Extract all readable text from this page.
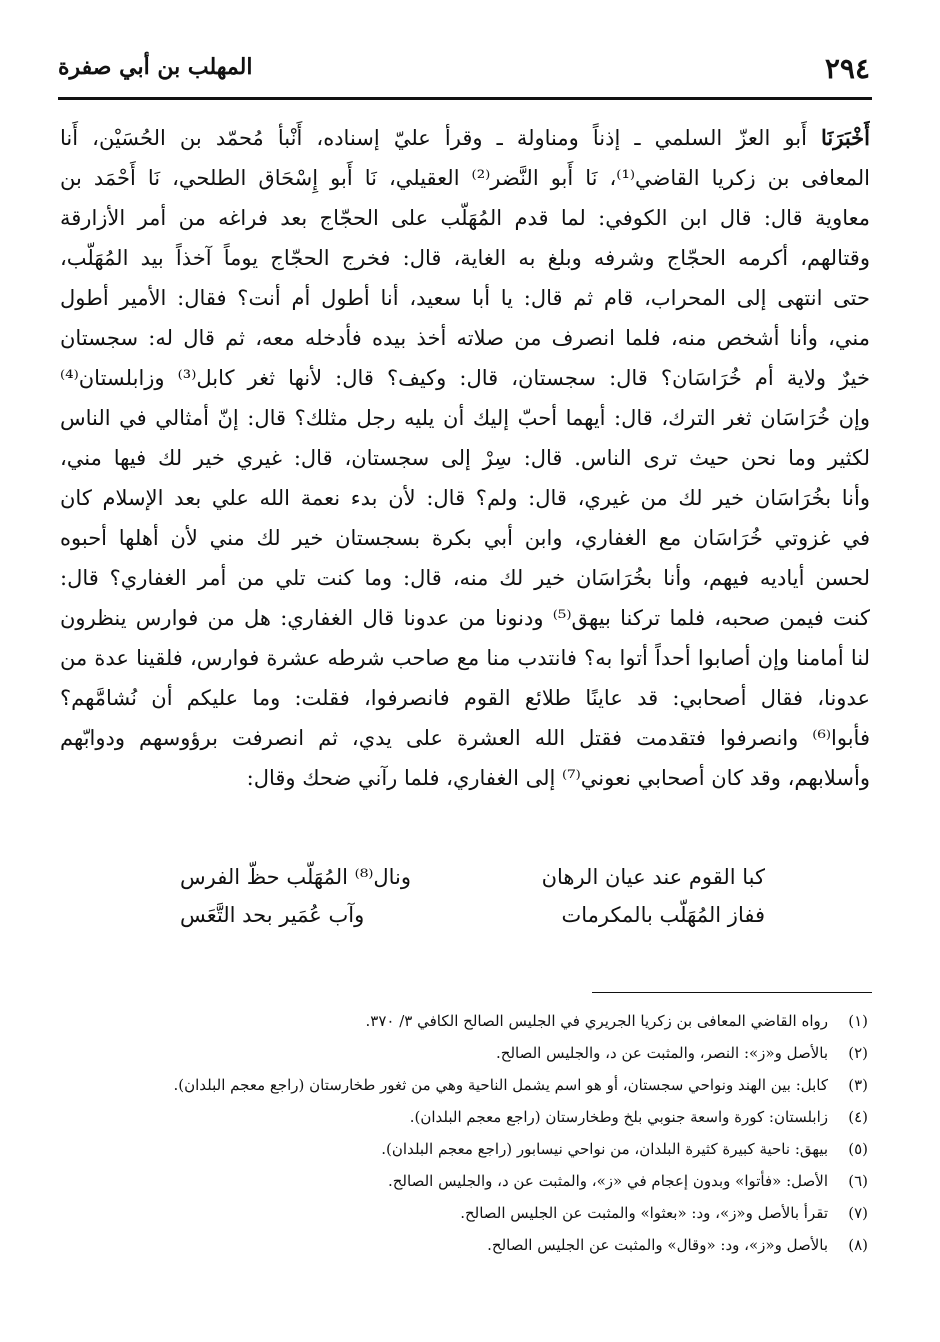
٢٩٤
المهلب بن أبي صفرة
أَخْبَرَنَا أَبو العزّ السلمي ـ إذناً ومناولة ـ وقرأ عليّ إسناده، أَنْبأ مُحمّد بن الحُسَيْن، أَنا
المعافى بن زكريا القاضي⁽¹⁾، نَا أَبو النَّضر⁽²⁾ العقيلي، نَا أَبو إِسْحَاق الطلحي، نَا أَحْمَد بن
معاوية قال: قال ابن الكوفي: لما قدم المُهَلّب على الحجّاج بعد فراغه من أمر الأزارقة
وقتالهم، أكرمه الحجّاج وشرفه وبلغ به الغاية، قال: فخرج الحجّاج يوماً آخذاً بيد المُهَلّب،
حتى انتهى إلى المحراب، قام ثم قال: يا أبا سعيد، أنا أطول أم أنت؟ فقال: الأمير أطول
مني، وأنا أشخص منه، فلما انصرف من صلاته أخذ بيده فأدخله معه، ثم قال له: سجستان
خيرٌ ولاية أم خُرَاسَان؟ قال: سجستان، قال: وكيف؟ قال: لأنها ثغر كابل⁽³⁾ وزابلستان⁽⁴⁾
وإن خُرَاسَان ثغر الترك، قال: أيهما أحبّ إليك أن يليه رجل مثلك؟ قال: إنّ أمثالي في الناس
لكثير وما نحن حيث ترى الناس. قال: سِرْ إلى سجستان، قال: غيري خير لك فيها مني،
وأنا بخُرَاسَان خير لك من غيري، قال: ولم؟ قال: لأن بدء نعمة الله علي بعد الإسلام كان
في غزوتي خُرَاسَان مع الغفاري، وابن أبي بكرة بسجستان خير لك مني لأن أهلها أحبوه
لحسن أياديه فيهم، وأنا بخُرَاسَان خير لك منه، قال: وما كنت تلي من أمر الغفاري؟ قال:
كنت فيمن صحبه، فلما تركنا بيهق⁽⁵⁾ ودنونا من عدونا قال الغفاري: هل من فوارس ينظرون
لنا أمامنا وإن أصابوا أحداً أتوا به؟ فانتدب منا مع صاحب شرطه عشرة فوارس، فلقينا عدة من
عدونا، فقال أصحابي: قد عاينًا طلائع القوم فانصرفوا، فقلت: وما عليكم أن نُشامَّهم؟
فأبوا⁽⁶⁾ وانصرفوا فتقدمت فقتل الله العشرة على يدي، ثم انصرفت برؤوسهم ودوابّهم
وأسلابهم، وقد كان أصحابي نعوني⁽⁷⁾ إلى الغفاري، فلما رآني ضحك وقال:
كبا القوم عند عيان الرهان
ونال⁽⁸⁾ المُهَلّب حظّ الفرس
ففاز المُهَلّب بالمكرمات
وآب عُمَير بحد التَّعَس
(١)رواه القاضي المعافى بن زكريا الجريري في الجليس الصالح الكافي ٣/ ٣٧٠.
(٢)بالأصل و«ز»: النصر، والمثبت عن د، والجليس الصالح.
(٣)كابل: بين الهند ونواحي سجستان، أو هو اسم يشمل الناحية وهي من ثغور طخارستان (راجع معجم البلدان).
(٤)زابلستان: كورة واسعة جنوبي بلخ وطخارستان (راجع معجم البلدان).
(٥)بيهق: ناحية كبيرة كثيرة البلدان، من نواحي نيسابور (راجع معجم البلدان).
(٦)الأصل: «فأتوا» وبدون إعجام في «ز»، والمثبت عن د، والجليس الصالح.
(٧)تقرأ بالأصل و«ز»، ود: «بعثوا» والمثبت عن الجليس الصالح.
(٨)بالأصل و«ز»، ود: «وقال» والمثبت عن الجليس الصالح.
